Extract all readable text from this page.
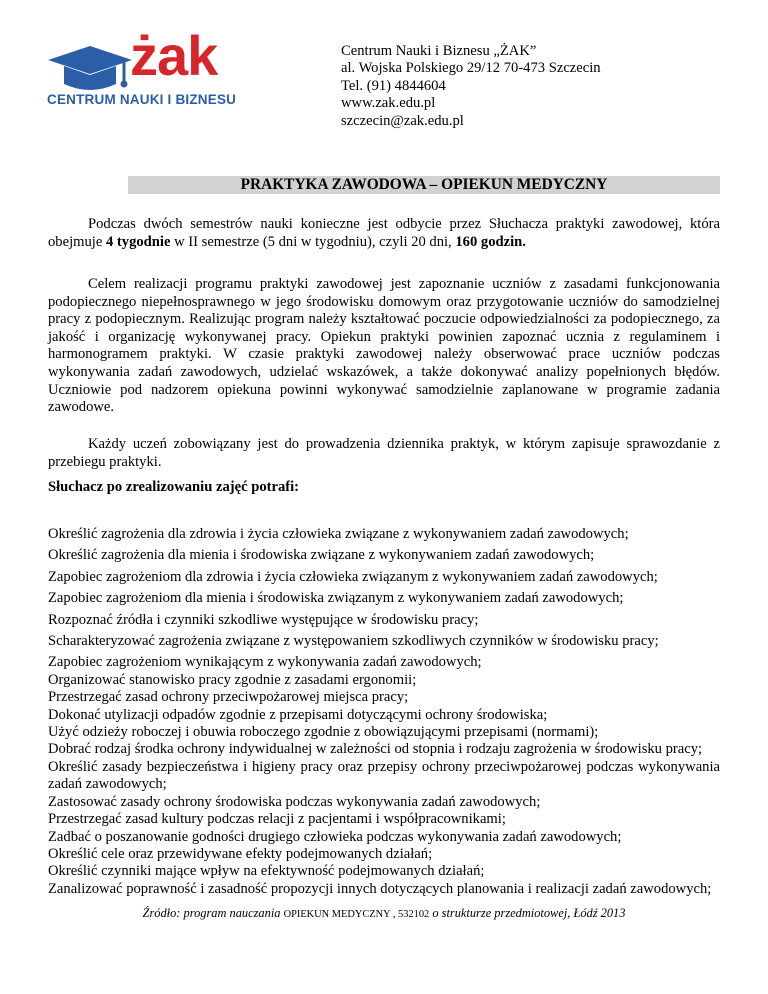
żak
CENTRUM NAUKI I BIZNESU
Centrum Nauki i Biznesu „ŻAK”
al. Wojska Polskiego 29/12 70-473 Szczecin
Tel. (91) 4844604
www.zak.edu.pl
szczecin@zak.edu.pl
PRAKTYKA ZAWODOWA – OPIEKUN MEDYCZNY
Podczas dwóch semestrów nauki konieczne jest odbycie przez Słuchacza praktyki zawodowej, która obejmuje 4 tygodnie w II semestrze (5 dni w tygodniu), czyli 20 dni, 160 godzin.
Celem realizacji programu praktyki zawodowej jest zapoznanie uczniów z zasadami funkcjonowania podopiecznego niepełnosprawnego w jego środowisku domowym oraz przygotowanie uczniów do samodzielnej pracy z podopiecznym. Realizując program należy kształtować poczucie odpowiedzialności za podopiecznego, za jakość i organizację wykonywanej pracy. Opiekun praktyki powinien zapoznać ucznia z regulaminem i harmonogramem praktyki. W czasie praktyki zawodowej należy obserwować prace uczniów podczas wykonywania zadań zawodowych, udzielać wskazówek, a także dokonywać analizy popełnionych błędów. Uczniowie pod nadzorem opiekuna powinni wykonywać samodzielnie zaplanowane w programie zadania zawodowe.
Każdy uczeń zobowiązany jest do prowadzenia dziennika praktyk, w którym zapisuje sprawozdanie z przebiegu praktyki.
Słuchacz po zrealizowaniu zajęć potrafi:
Określić zagrożenia dla zdrowia i życia człowieka związane z wykonywaniem zadań zawodowych;
Określić zagrożenia dla mienia i środowiska związane z wykonywaniem zadań zawodowych;
Zapobiec zagrożeniom dla zdrowia i życia człowieka związanym z wykonywaniem zadań zawodowych;
Zapobiec zagrożeniom dla mienia i środowiska związanym z wykonywaniem zadań zawodowych;
Rozpoznać źródła i czynniki szkodliwe występujące w środowisku pracy;
Scharakteryzować zagrożenia związane z występowaniem szkodliwych czynników w środowisku pracy;
Zapobiec zagrożeniom wynikającym z wykonywania zadań zawodowych;
Organizować stanowisko pracy zgodnie z zasadami ergonomii;
Przestrzegać zasad ochrony przeciwpożarowej miejsca pracy;
Dokonać utylizacji odpadów zgodnie z przepisami dotyczącymi ochrony środowiska;
Użyć odzieży roboczej i obuwia roboczego zgodnie z obowiązującymi przepisami (normami);
Dobrać rodzaj środka ochrony indywidualnej w zależności od stopnia i rodzaju zagrożenia w środowisku pracy;
Określić zasady bezpieczeństwa i higieny pracy oraz przepisy ochrony przeciwpożarowej podczas wykonywania zadań zawodowych;
Zastosować zasady ochrony środowiska podczas wykonywania zadań zawodowych;
Przestrzegać zasad kultury podczas relacji z pacjentami i współpracownikami;
Zadbać o poszanowanie godności drugiego człowieka podczas wykonywania zadań zawodowych;
Określić cele oraz przewidywane efekty podejmowanych działań;
Określić czynniki mające wpływ na efektywność podejmowanych działań;
Zanalizować poprawność i zasadność propozycji innych dotyczących planowania i realizacji zadań zawodowych;
Źródło: program nauczania OPIEKUN MEDYCZNY , 532102 o strukturze przedmiotowej, Łódź 2013
